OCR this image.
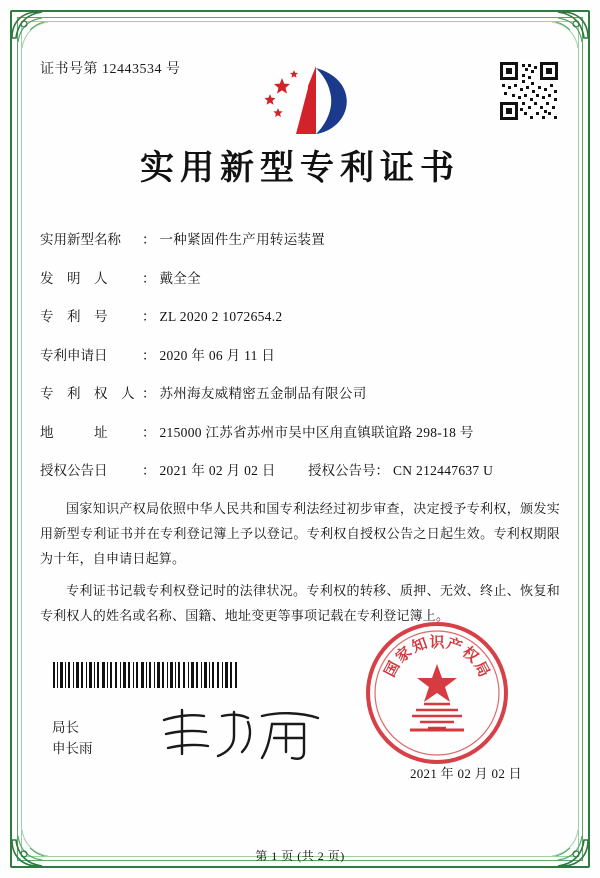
证书号第 12443534 号
实用新型专利证书
实用新型名称	： 一种紧固件生产用转运装置
发　明　人	： 戴全全
专　利　号	： ZL 2020 2 1072654.2
专利申请日	： 2020 年 06 月 11 日
专　利　权　人 ： 苏州海友威精密五金制品有限公司
地　　　址	： 215000 江苏省苏州市吴中区甪直镇联谊路 298-18 号
授权公告日	： 2021 年 02 月 02 日	授权公告号 ： CN 212447637 U
国家知识产权局依照中华人民共和国专利法经过初步审查，决定授予专利权，颁发实用新型专利证书并在专利登记簿上予以登记。专利权自授权公告之日起生效。专利权期限为十年，自申请日起算。
专利证书记载专利权登记时的法律状况。专利权的转移、质押、无效、终止、恢复和专利权人的姓名或名称、国籍、地址变更等事项记载在专利登记簿上。
局长
申长雨
国
家
知 识 产
权
局
2021 年 02 月 02 日
第 1 页 (共 2 页)
